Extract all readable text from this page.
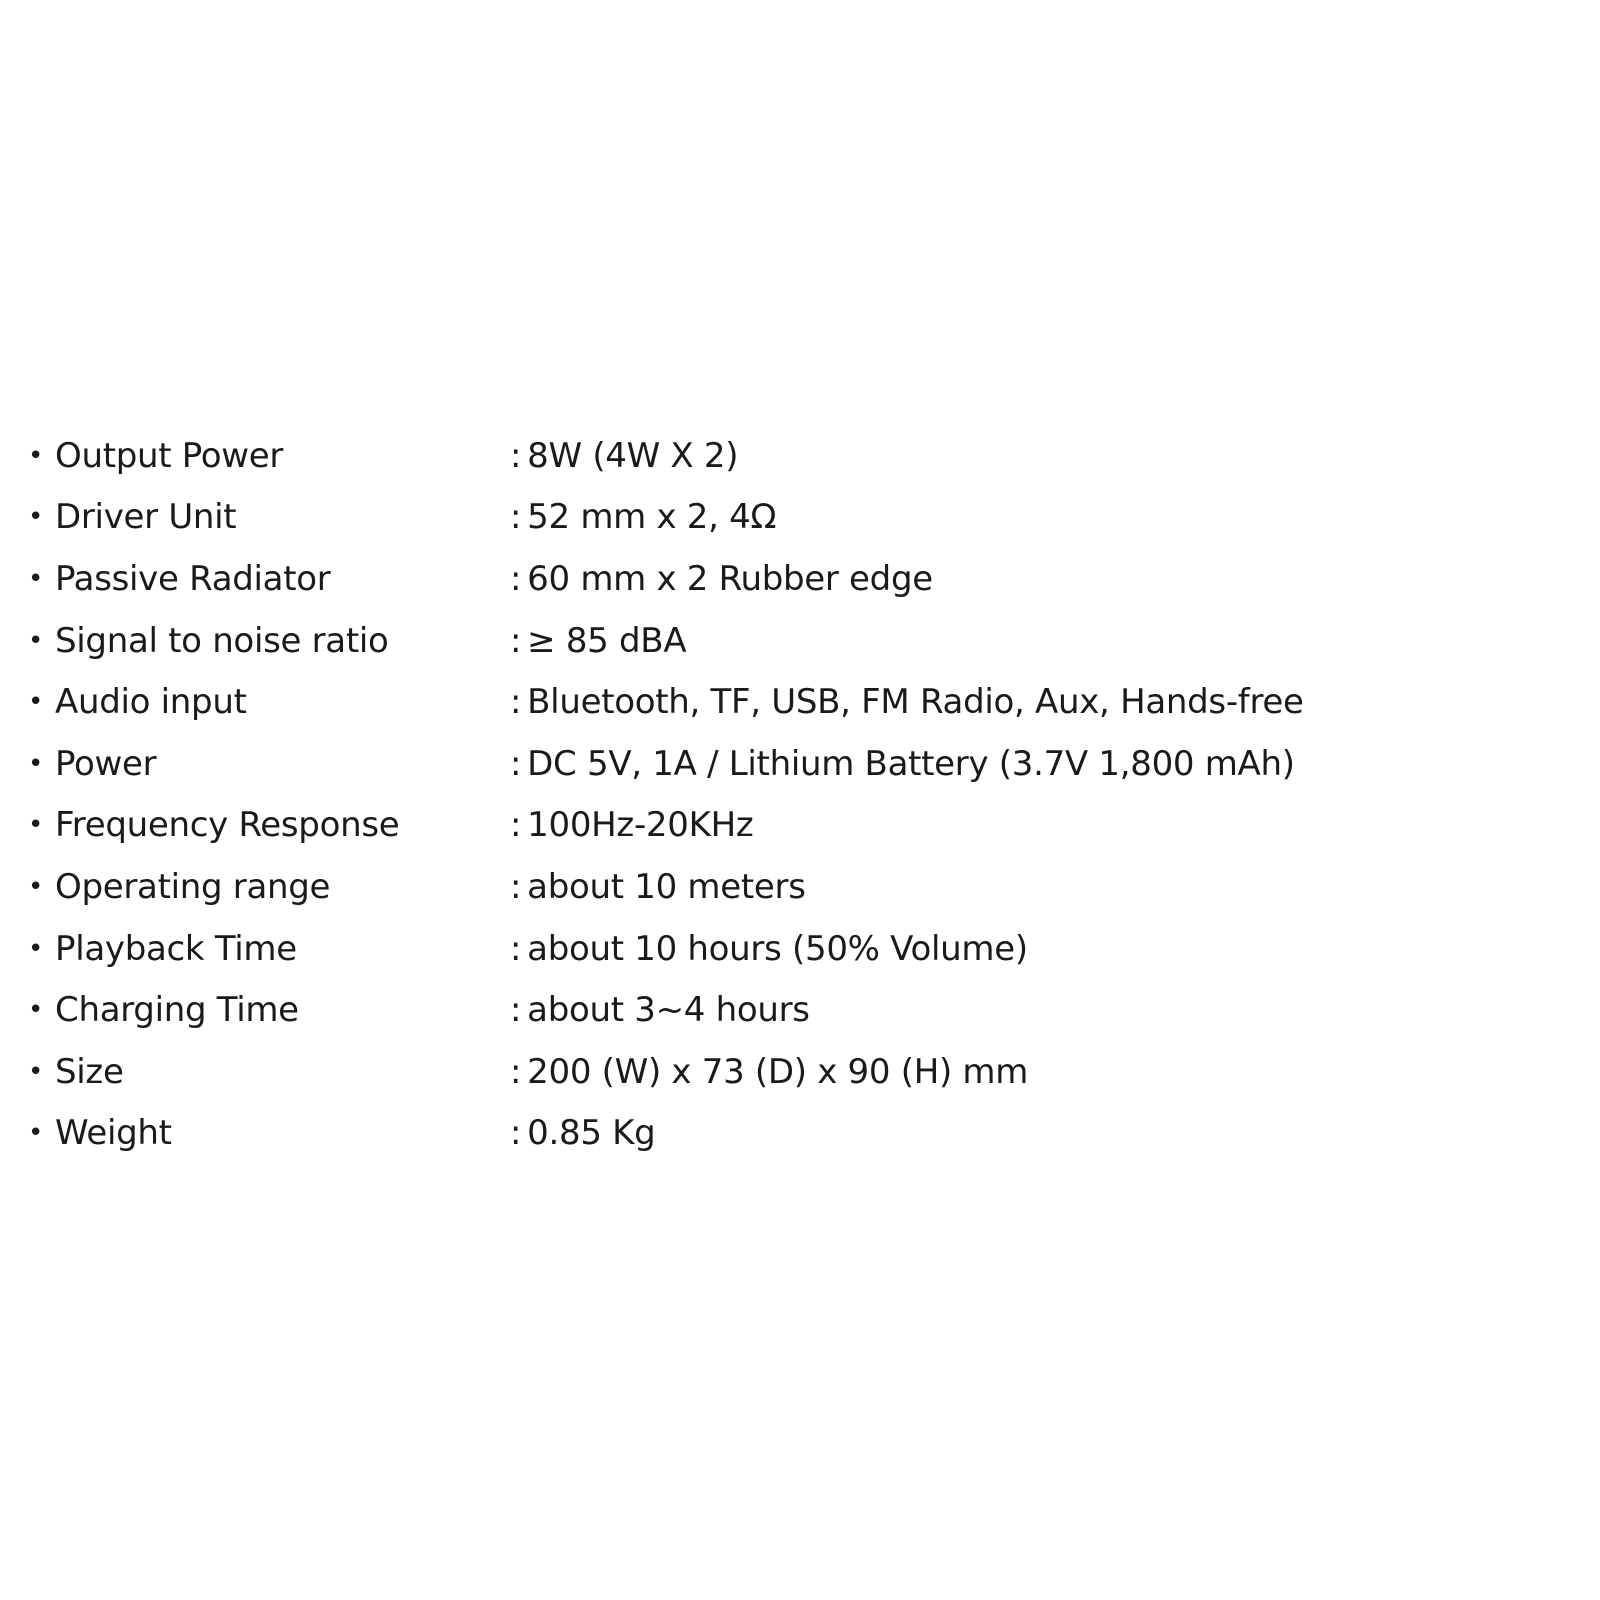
• Output Power	: 8W (4W X 2)
• Driver Unit	: 52 mm x 2, 4Ω
• Passive Radiator	: 60 mm x 2 Rubber edge
• Signal to noise ratio	: ≥ 85 dBA
• Audio input	: Bluetooth, TF, USB, FM Radio, Aux, Hands-free
• Power	: DC 5V, 1A / Lithium Battery (3.7V 1,800 mAh)
• Frequency Response	: 100Hz-20KHz
• Operating range	: about 10 meters
• Playback Time	: about 10 hours (50% Volume)
• Charging Time	: about 3~4 hours
• Size	: 200 (W) x 73 (D) x 90 (H) mm
• Weight	: 0.85 Kg
